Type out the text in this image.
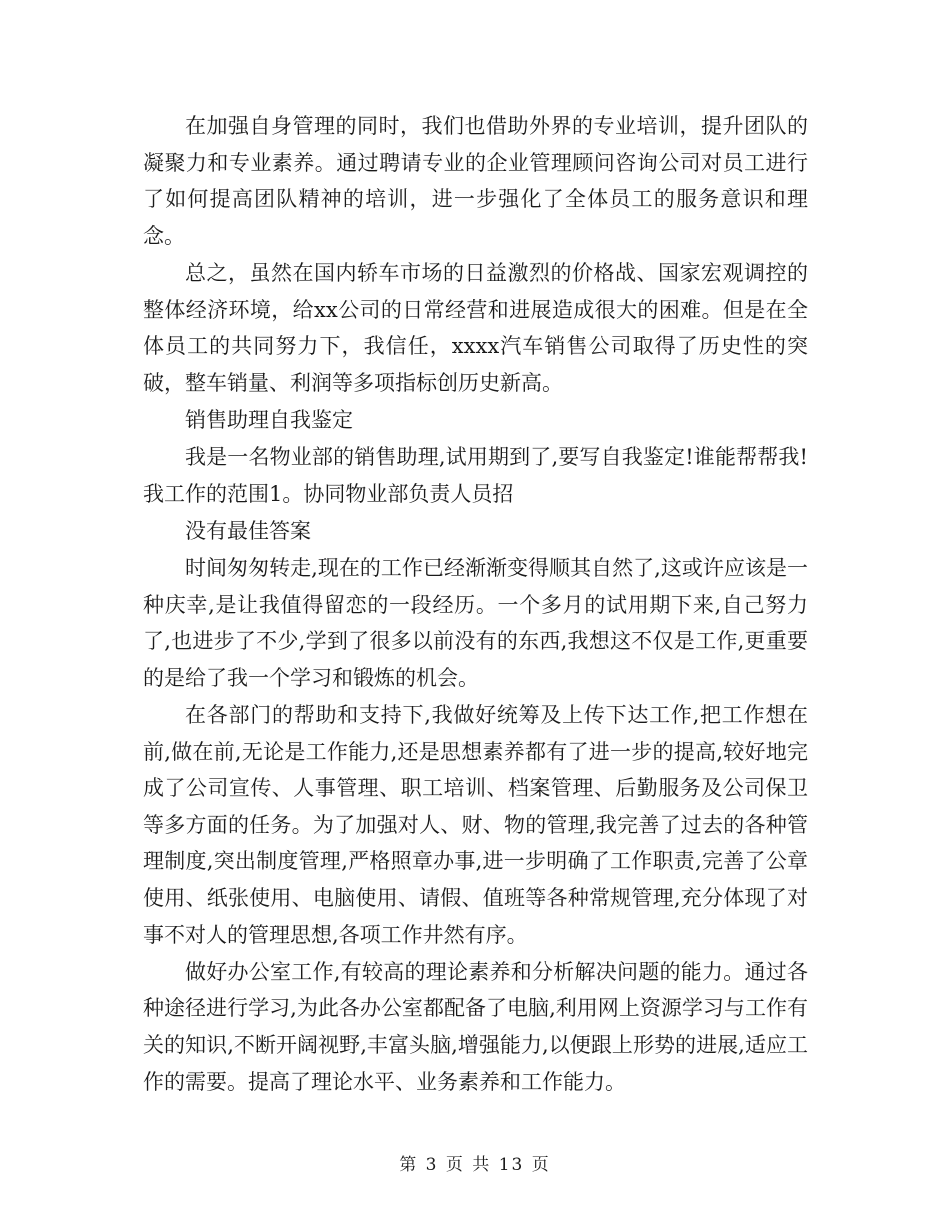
在加强自身管理的同时，我们也借助外界的专业培训，提升团队的凝聚力和专业素养。通过聘请专业的企业管理顾问咨询公司对员工进行了如何提高团队精神的培训，进一步强化了全体员工的服务意识和理念。

总之，虽然在国内轿车市场的日益激烈的价格战、国家宏观调控的整体经济环境，给xx公司的日常经营和进展造成很大的困难。但是在全体员工的共同努力下，我信任，xxxx汽车销售公司取得了历史性的突破，整车销量、利润等多项指标创历史新高。

销售助理自我鉴定

我是一名物业部的销售助理,试用期到了,要写自我鉴定!谁能帮帮我!我工作的范围1。协同物业部负责人员招

没有最佳答案

时间匆匆转走,现在的工作已经渐渐变得顺其自然了,这或许应该是一种庆幸,是让我值得留恋的一段经历。一个多月的试用期下来,自己努力了,也进步了不少,学到了很多以前没有的东西,我想这不仅是工作,更重要的是给了我一个学习和锻炼的机会。

在各部门的帮助和支持下,我做好统筹及上传下达工作,把工作想在前,做在前,无论是工作能力,还是思想素养都有了进一步的提高,较好地完成了公司宣传、人事管理、职工培训、档案管理、后勤服务及公司保卫等多方面的任务。为了加强对人、财、物的管理,我完善了过去的各种管理制度,突出制度管理,严格照章办事,进一步明确了工作职责,完善了公章使用、纸张使用、电脑使用、请假、值班等各种常规管理,充分体现了对事不对人的管理思想,各项工作井然有序。

做好办公室工作,有较高的理论素养和分析解决问题的能力。通过各种途径进行学习,为此各办公室都配备了电脑,利用网上资源学习与工作有关的知识,不断开阔视野,丰富头脑,增强能力,以便跟上形势的进展,适应工作的需要。提高了理论水平、业务素养和工作能力。

第 3 页 共 13 页
